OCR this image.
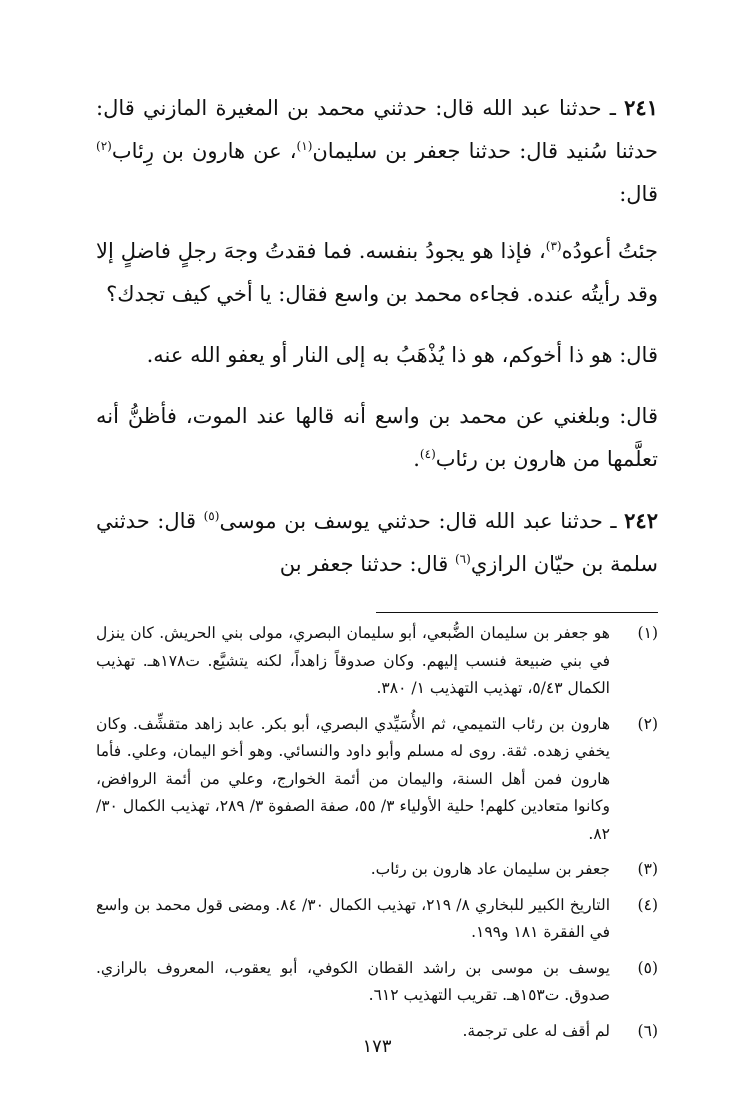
٢٤١ ـ حدثنا عبد الله قال: حدثني محمد بن المغيرة المازني قال: حدثنا سُنيد قال: حدثنا جعفر بن سليمان$^{(١)}$، عن هارون بن رِئاب$^{(٢)}$ قال:

جئتُ أعودُه$^{(٣)}$، فإذا هو يجودُ بنفسه. فما فقدتُ وجهَ رجلٍ فاضلٍ إلا وقد رأيتُه عنده. فجاءه محمد بن واسع فقال: يا أخي كيف تجدك؟

قال: هو ذا أخوكم، هو ذا يُذْهَبُ به إلى النار أو يعفو الله عنه.

قال: وبلغني عن محمد بن واسع أنه قالها عند الموت، فأظنُّ أنه تعلَّمها من هارون بن رئاب$^{(٤)}$.

٢٤٢ ـ حدثنا عبد الله قال: حدثني يوسف بن موسى$^{(٥)}$ قال: حدثني سلمة بن حيّان الرازي$^{(٦)}$ قال: حدثنا جعفر بن

(١)
هو جعفر بن سليمان الضُّبعي، أبو سليمان البصري، مولى بني الحريش. كان ينزل في بني ضبيعة فنسب إليهم. وكان صدوقاً زاهداً، لكنه يتشيَّع. ت١٧٨هـ. تهذيب الكمال ٥/٤٣، تهذيب التهذيب ١/ ٣٨٠.
(٢)
هارون بن رئاب التميمي، ثم الأُسَيِّدي البصري، أبو بكر. عابد زاهد متقشِّف. وكان يخفي زهده. ثقة. روى له مسلم وأبو داود والنسائي. وهو أخو اليمان، وعلي. فأما هارون فمن أهل السنة، واليمان من أئمة الخوارج، وعلي من أئمة الروافض، وكانوا متعادين كلهم! حلية الأولياء ٣/ ٥٥، صفة الصفوة ٣/ ٢٨٩، تهذيب الكمال ٣٠/ ٨٢.
(٣)
جعفر بن سليمان عاد هارون بن رئاب.
(٤)
التاريخ الكبير للبخاري ٨/ ٢١٩، تهذيب الكمال ٣٠/ ٨٤. ومضى قول محمد بن واسع في الفقرة ١٨١ و١٩٩.
(٥)
يوسف بن موسى بن راشد القطان الكوفي، أبو يعقوب، المعروف بالرازي. صدوق. ت١٥٣هـ. تقريب التهذيب ٦١٢.
(٦)
لم أقف له على ترجمة.
١٧٣
